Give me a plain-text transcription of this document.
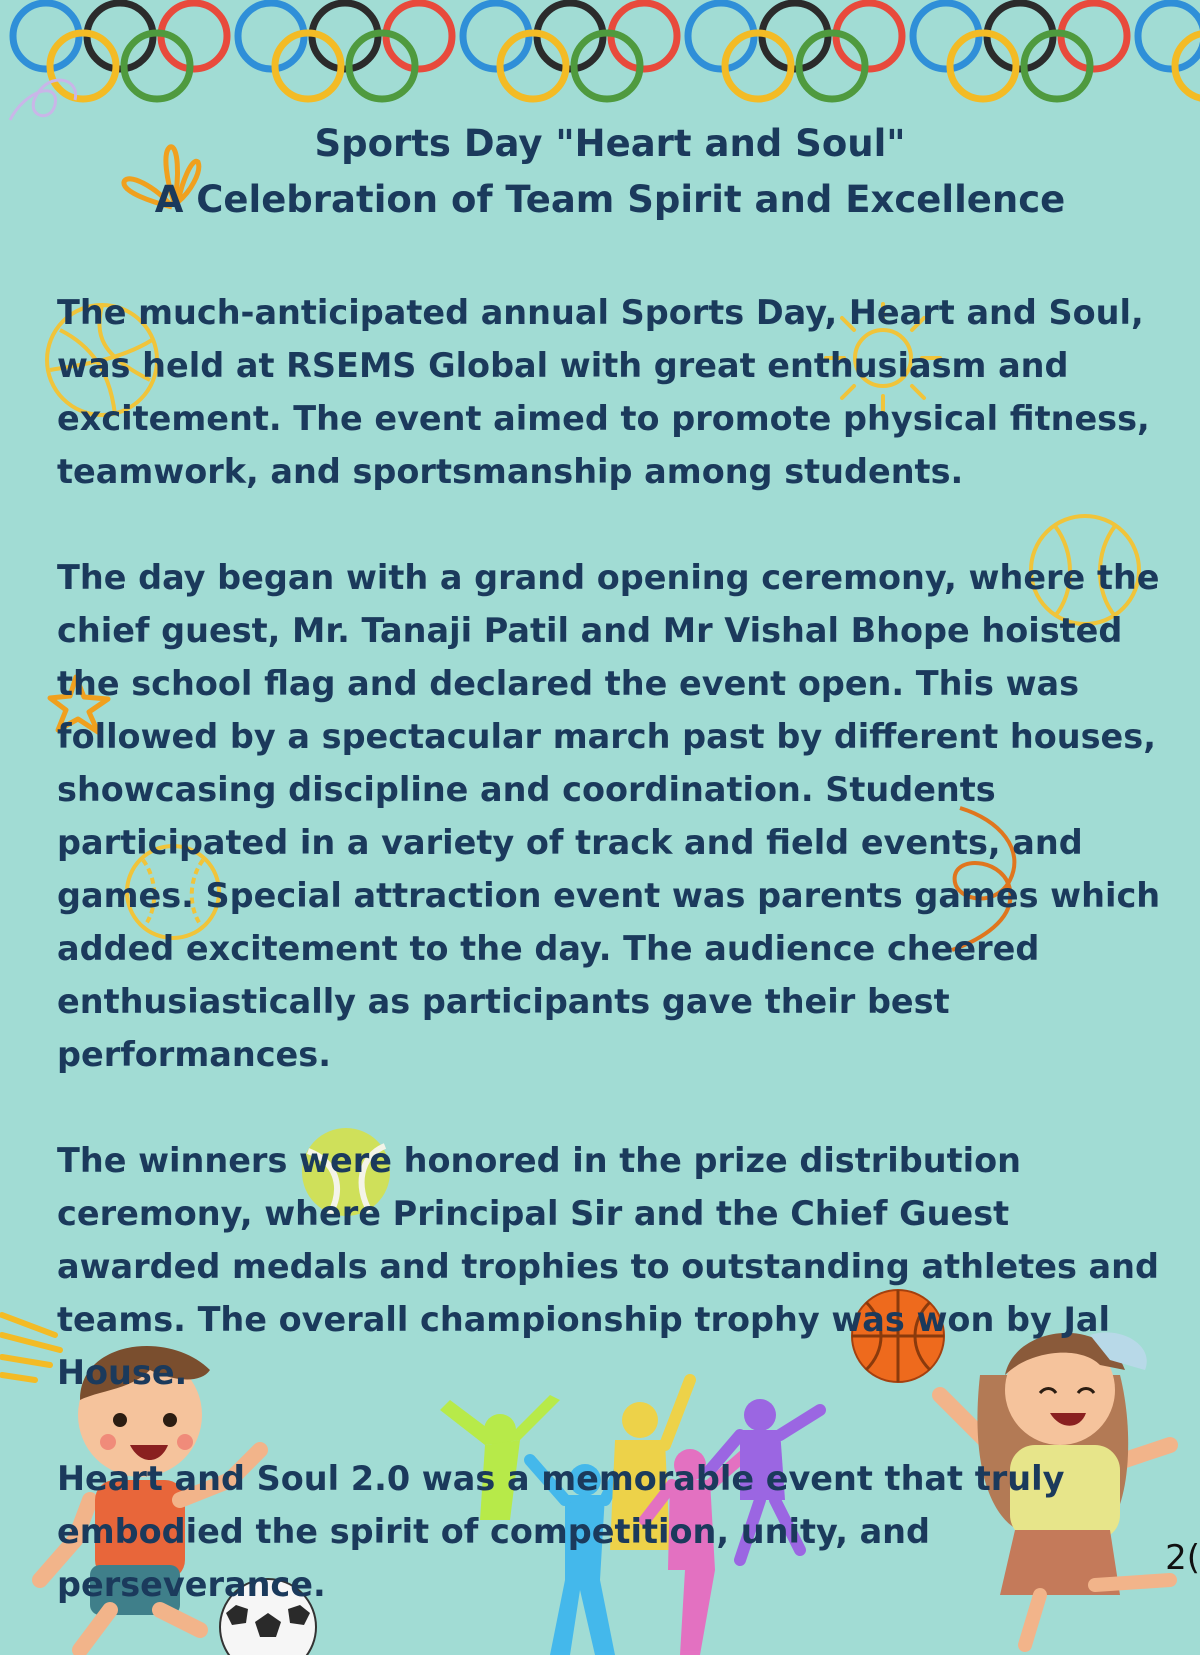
Sports Day "Heart and Soul"
A Celebration of Team Spirit and Excellence
The much-anticipated annual Sports Day, Heart and Soul,
was held at RSEMS Global with great enthusiasm and
excitement. The event aimed to promote physical fitness,
teamwork, and sportsmanship among students.
The day began with a grand opening ceremony, where the
chief guest, Mr. Tanaji Patil and Mr Vishal Bhope hoisted
the school flag and declared the event open. This was
followed by a spectacular march past by different houses,
showcasing discipline and coordination. Students
participated in a variety of track and field events, and
games. Special attraction event was parents games which
added excitement to the day. The audience cheered
enthusiastically as participants gave their best
performances.
The winners were honored in the prize distribution
ceremony, where Principal Sir and the Chief Guest
awarded medals and trophies to outstanding athletes and
teams. The overall championship trophy was won by Jal
House.
Heart and Soul 2.0 was a memorable event that truly
embodied the spirit of competition, unity, and
perseverance.
2(
